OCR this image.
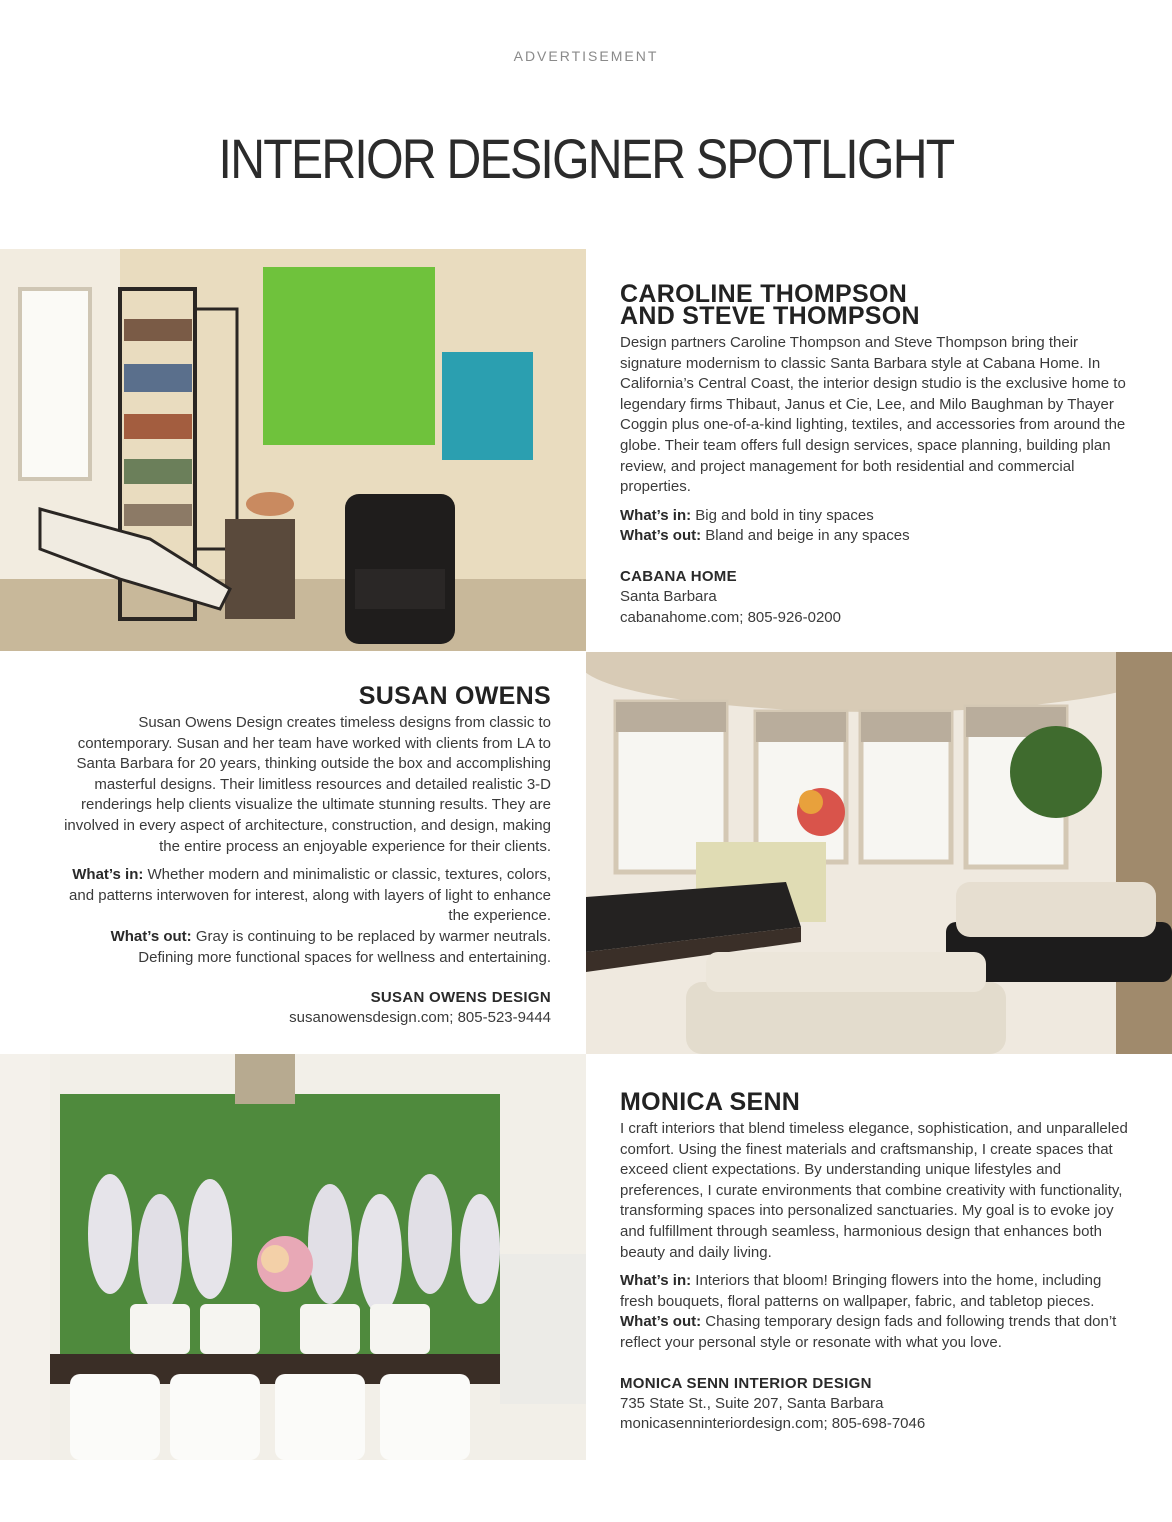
ADVERTISEMENT
INTERIOR DESIGNER SPOTLIGHT
CAROLINE THOMPSON
AND STEVE THOMPSON

Design partners Caroline Thompson and Steve Thompson bring their signature modernism to classic Santa Barbara style at Cabana Home. In California’s Central Coast, the interior design studio is the exclusive home to legendary firms Thibaut, Janus et Cie, Lee, and Milo Baughman by Thayer Coggin plus one-of-a-kind lighting, textiles, and accessories from around the globe. Their team offers full design services, space planning, building plan review, and project management for both residential and commercial properties.

What’s in: Big and bold in tiny spaces

What’s out: Bland and beige in any spaces

CABANA HOME
Santa Barbara
cabanahome.com; 805-926-0200
SUSAN OWENS

Susan Owens Design creates timeless designs from classic to contemporary. Susan and her team have worked with clients from LA to Santa Barbara for 20 years, thinking outside the box and accomplishing masterful designs. Their limitless resources and detailed realistic 3-D renderings help clients visualize the ultimate stunning results. They are involved in every aspect of architecture, construction, and design, making the entire process an enjoyable experience for their clients.

What’s in: Whether modern and minimalistic or classic, textures, colors, and patterns interwoven for interest, along with layers of light to enhance the experience.

What’s out: Gray is continuing to be replaced by warmer neutrals. Defining more functional spaces for wellness and entertaining.

SUSAN OWENS DESIGN
susanowensdesign.com; 805-523-9444
MONICA SENN

I craft interiors that blend timeless elegance, sophistication, and unparalleled comfort. Using the finest materials and craftsmanship, I create spaces that exceed client expectations. By understanding unique lifestyles and preferences, I curate environments that combine creativity with functionality, transforming spaces into personalized sanctuaries. My goal is to evoke joy and fulfillment through seamless, harmonious design that enhances both beauty and daily living.

What’s in: Interiors that bloom! Bringing flowers into the home, including fresh bouquets, floral patterns on wallpaper, fabric, and tabletop pieces.

What’s out: Chasing temporary design fads and following trends that don’t reflect your personal style or resonate with what you love.

MONICA SENN INTERIOR DESIGN
735 State St., Suite 207, Santa Barbara
monicasenninteriordesign.com; 805-698-7046
